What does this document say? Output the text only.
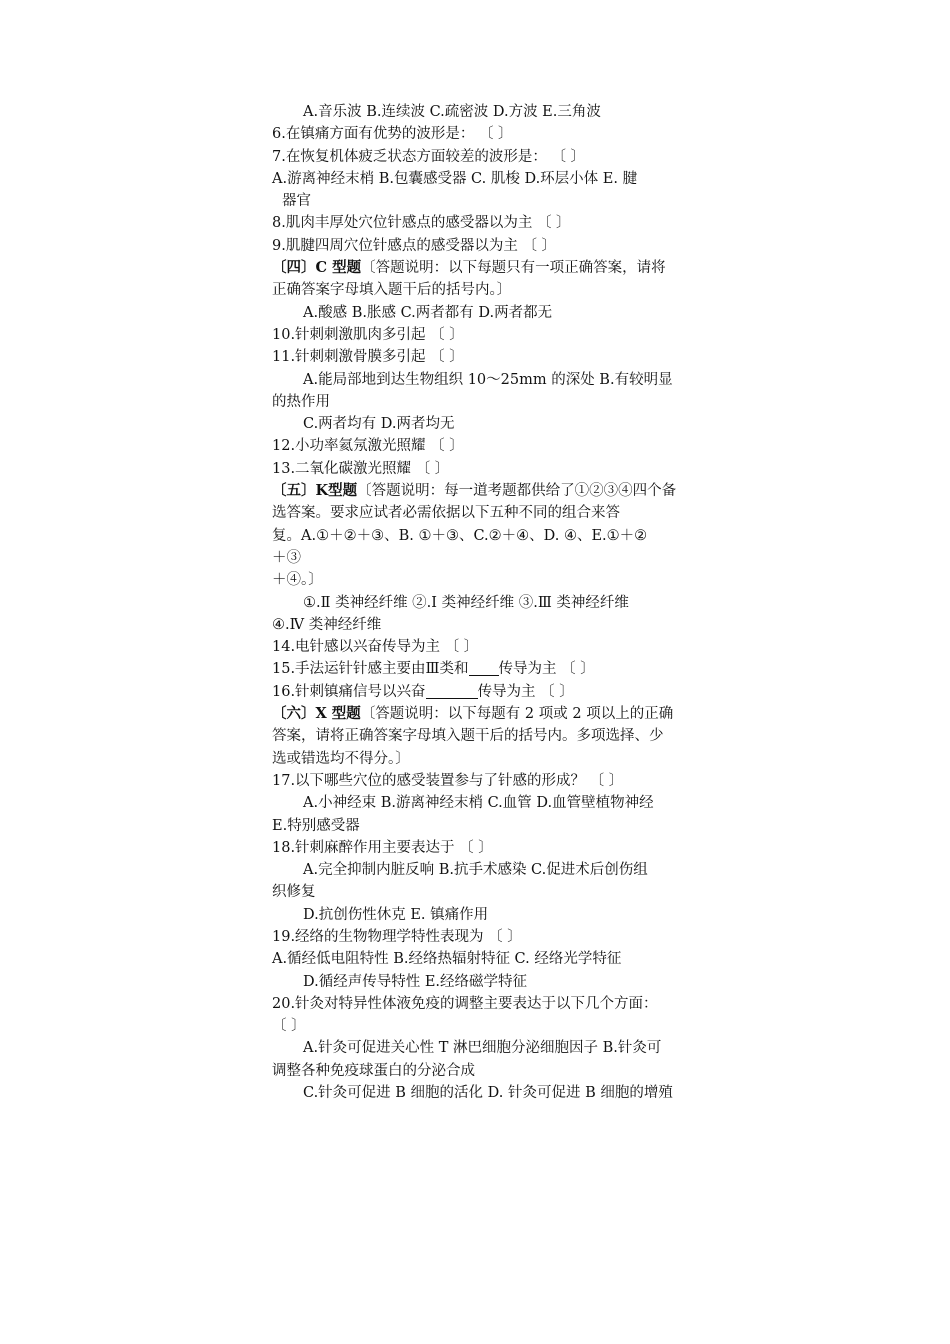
A.音乐波 B.连续波 C.疏密波 D.方波 E.三角波
6.在镇痛方面有优势的波形是： 〔 〕
7.在恢复机体疲乏状态方面较差的波形是： 〔 〕
A.游离神经末梢 B.包囊感受器 C. 肌梭 D.环层小体 E. 腱
器官
8.肌肉丰厚处穴位针感点的感受器以为主 〔 〕
9.肌腱四周穴位针感点的感受器以为主 〔 〕
〔四〕C 型题〔答题说明：以下每题只有一项正确答案，请将
正确答案字母填入题干后的括号内。〕
A.酸感 B.胀感 C.两者都有 D.两者都无
10.针刺刺激肌肉多引起 〔 〕
11.针刺刺激骨膜多引起 〔 〕
A.能局部地到达生物组织 10～25mm 的深处 B.有较明显
的热作用
C.两者均有 D.两者均无
12.小功率氦氖激光照耀 〔 〕
13.二氧化碳激光照耀 〔 〕
〔五〕K型题〔答题说明：每一道考题都供给了①②③④四个备
选答案。要求应试者必需依据以下五种不同的组合来答
复。A.①＋②＋③、B. ①＋③、C.②＋④、D. ④、E.①＋②
＋③
＋④。〕
①.Ⅱ 类神经纤维 ②.Ⅰ 类神经纤维 ③.Ⅲ 类神经纤维
④.Ⅳ 类神经纤维
14.电针感以兴奋传导为主 〔 〕
15.手法运针针感主要由Ⅲ类和 传导为主 〔 〕
16.针刺镇痛信号以兴奋	传导为主 〔 〕
〔六〕X 型题〔答题说明：以下每题有 2 项或 2 项以上的正确
答案，请将正确答案字母填入题干后的括号内。多项选择、少
选或错选均不得分。〕
17.以下哪些穴位的感受装置参与了针感的形成？ 〔 〕
A.小神经束 B.游离神经末梢 C.血管 D.血管壁植物神经
E.特别感受器
18.针刺麻醉作用主要表达于 〔 〕
A.完全抑制内脏反响 B.抗手术感染 C.促进术后创伤组
织修复
D.抗创伤性休克 E. 镇痛作用
19.经络的生物物理学特性表现为 〔 〕
A.循经低电阻特性 B.经络热辐射特征 C. 经络光学特征
D.循经声传导特性 E.经络磁学特征
20.针灸对特异性体液免疫的调整主要表达于以下几个方面：
〔 〕
A.针灸可促进关心性 T 淋巴细胞分泌细胞因子 B.针灸可
调整各种免疫球蛋白的分泌合成
C.针灸可促进 B 细胞的活化 D. 针灸可促进 B 细胞的增殖
